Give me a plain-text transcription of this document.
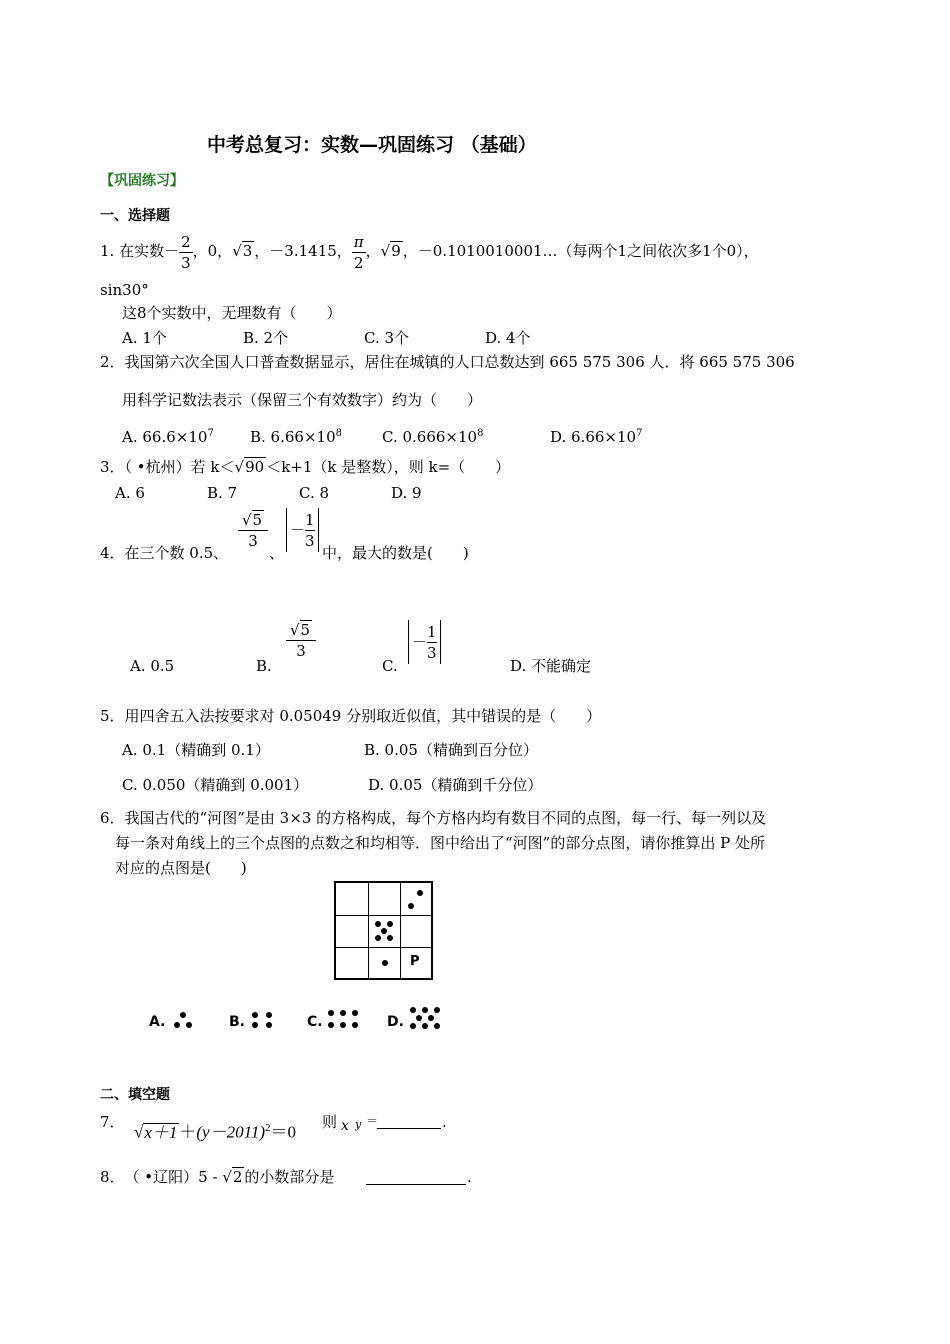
中考总复习：实数—巩固练习 （基础）
【巩固练习】
一、选择题
1. 在实数－ $\frac{2}{3}$ ，0，√3 ，－3.1415， $\frac{\pi}{2}$ ，√9 ，－0.1010010001…（每两个1之间依次多1个0），
sin30°
这8个实数中，无理数有（　　）
A. 1个	B. 2个	C. 3个	D. 4个
2．我国第六次全国人口普查数据显示，居住在城镇的人口总数达到 665 575 306 人．将 665 575 306
用科学记数法表示（保留三个有效数字）约为（　　）
A. $66.6\times 10^7$ B. $6.66\times 10^8$	C. $0.666\times 10^8$	D. $6.66\times 10^7$
3．（ •杭州）若 k＜√90 ＜k+1（k 是整数），则 k=（　　）
A. 6	B. 7	C. 8	D. 9
4．在三个数 0.5、
$\frac{√5}{3}$
、
－ $\frac{1}{3}$
中，最大的数是(　　)
A. 0.5	B.
$\frac{√5}{3}$
C.
－ $\frac{1}{3}$
D. 不能确定
5．用四舍五入法按要求对 0.05049 分别取近似值，其中错误的是（　　）
A. 0.1（精确到 0.1）	B. 0.05（精确到百分位）
C. 0.050（精确到 0.001）	D. 0.05（精确到千分位）
6．我国古代的“河图”是由 3×3 的方格构成，每个方格内均有数目不同的点图，每一行、每一列以及
每一条对角线上的三个点图的点数之和均相等．图中给出了“河图”的部分点图，请你推算出 P 处所
对应的点图是(　　)
P
A.	B.	C.	D.
二、填空题
7．
$√x+1 +(y-2011)^2=0$
则 x y ＝	.
8．　（ •辽阳）5 - √2 的小数部分是	.
